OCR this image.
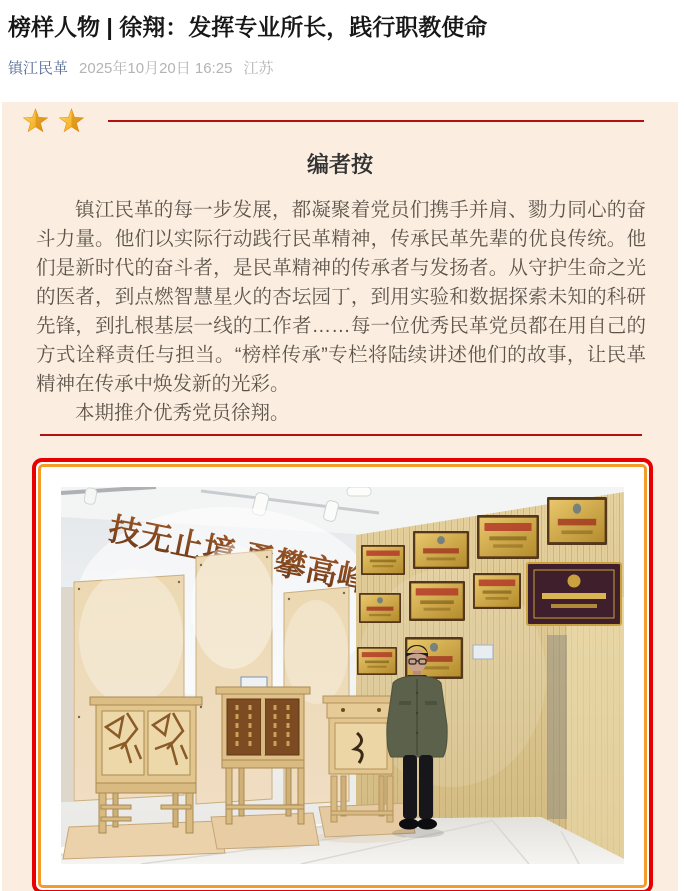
榜样人物 | 徐翔：发挥专业所长，践行职教使命
镇江民革 2025年10月20日 16:25 江苏
编者按

镇江民革的每一步发展，都凝聚着党员们携手并肩、勠力同心的奋斗力量。他们以实际行动践行民革精神，传承民革先辈的优良传统。他们是新时代的奋斗者，是民革精神的传承者与发扬者。从守护生命之光的医者，到点燃智慧星火的杏坛园丁，到用实验和数据探索未知的科研先锋，到扎根基层一线的工作者……每一位优秀民革党员都在用自己的方式诠释责任与担当。“榜样传承”专栏将陆续讲述他们的故事，让民革精神在传承中焕发新的光彩。

本期推介优秀党员徐翔。

技无止境 勇攀高峰
